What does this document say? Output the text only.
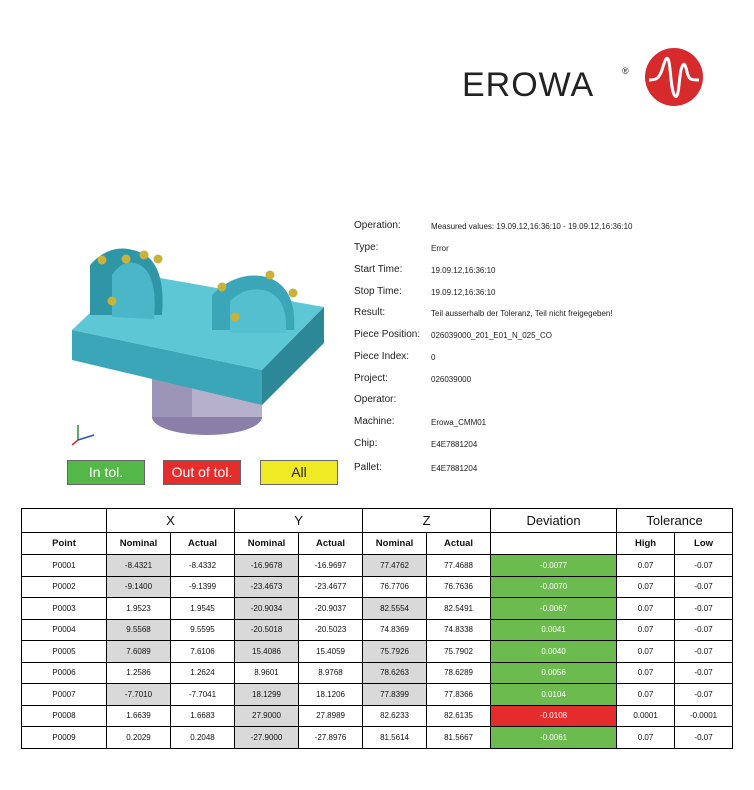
EROWA	®
In tol.	Out of tol.	All
Operation:	Measured values: 19.09.12,16:36:10 - 19.09.12,16:36:10
Type:	Error
Start Time:	19.09.12,16:36:10
Stop Time:	19.09.12,16:36:10
Result:	Teil ausserhalb der Toleranz, Teil nicht freigegeben!
Piece Position: 026039000_201_E01_N_025_CO
Piece Index:	0
Project:	026039000
Operator:
Machine:	Erowa_CMM01
Chip:	E4E7881204
Pallet:	E4E7881204
	X		Y		Z		Deviation	Tolerance	
Point	Nominal	Actual	Nominal	Actual	Nominal	Actual		High	Low
P0001	-8.4321	-8.4332	-16.9678	-16.9697	77.4762	77.4688	-0.0077	0.07	-0.07
P0002	-9.1400	-9.1399	-23.4673	-23.4677	76.7706	76.7636	-0.0070	0.07	-0.07
P0003	1.9523	1.9545	-20.9034	-20.9037	82.5554	82.5491	-0.0067	0.07	-0.07
P0004	9.5568	9.5595	-20.5018	-20.5023	74.8369	74.8338	0.0041	0.07	-0.07
P0005	7.6089	7.6106	15.4086	15.4059	75.7926	75.7902	0.0040	0.07	-0.07
P0006	1.2586	1.2624	8.9601	8.9768	78.6263	78.6289	0.0056	0.07	-0.07
P0007	-7.7010	-7.7041	18.1299	18.1206	77.8399	77.8366	0.0104	0.07	-0.07
P0008	1.6639	1.6683	27.9000	27.8989	82.6233	82.6135	-0.0108	0.0001	-0.0001
P0009	0.2029	0.2048	-27.9000	-27.8976	81.5614	81.5667	-0.0061	0.07	-0.07
